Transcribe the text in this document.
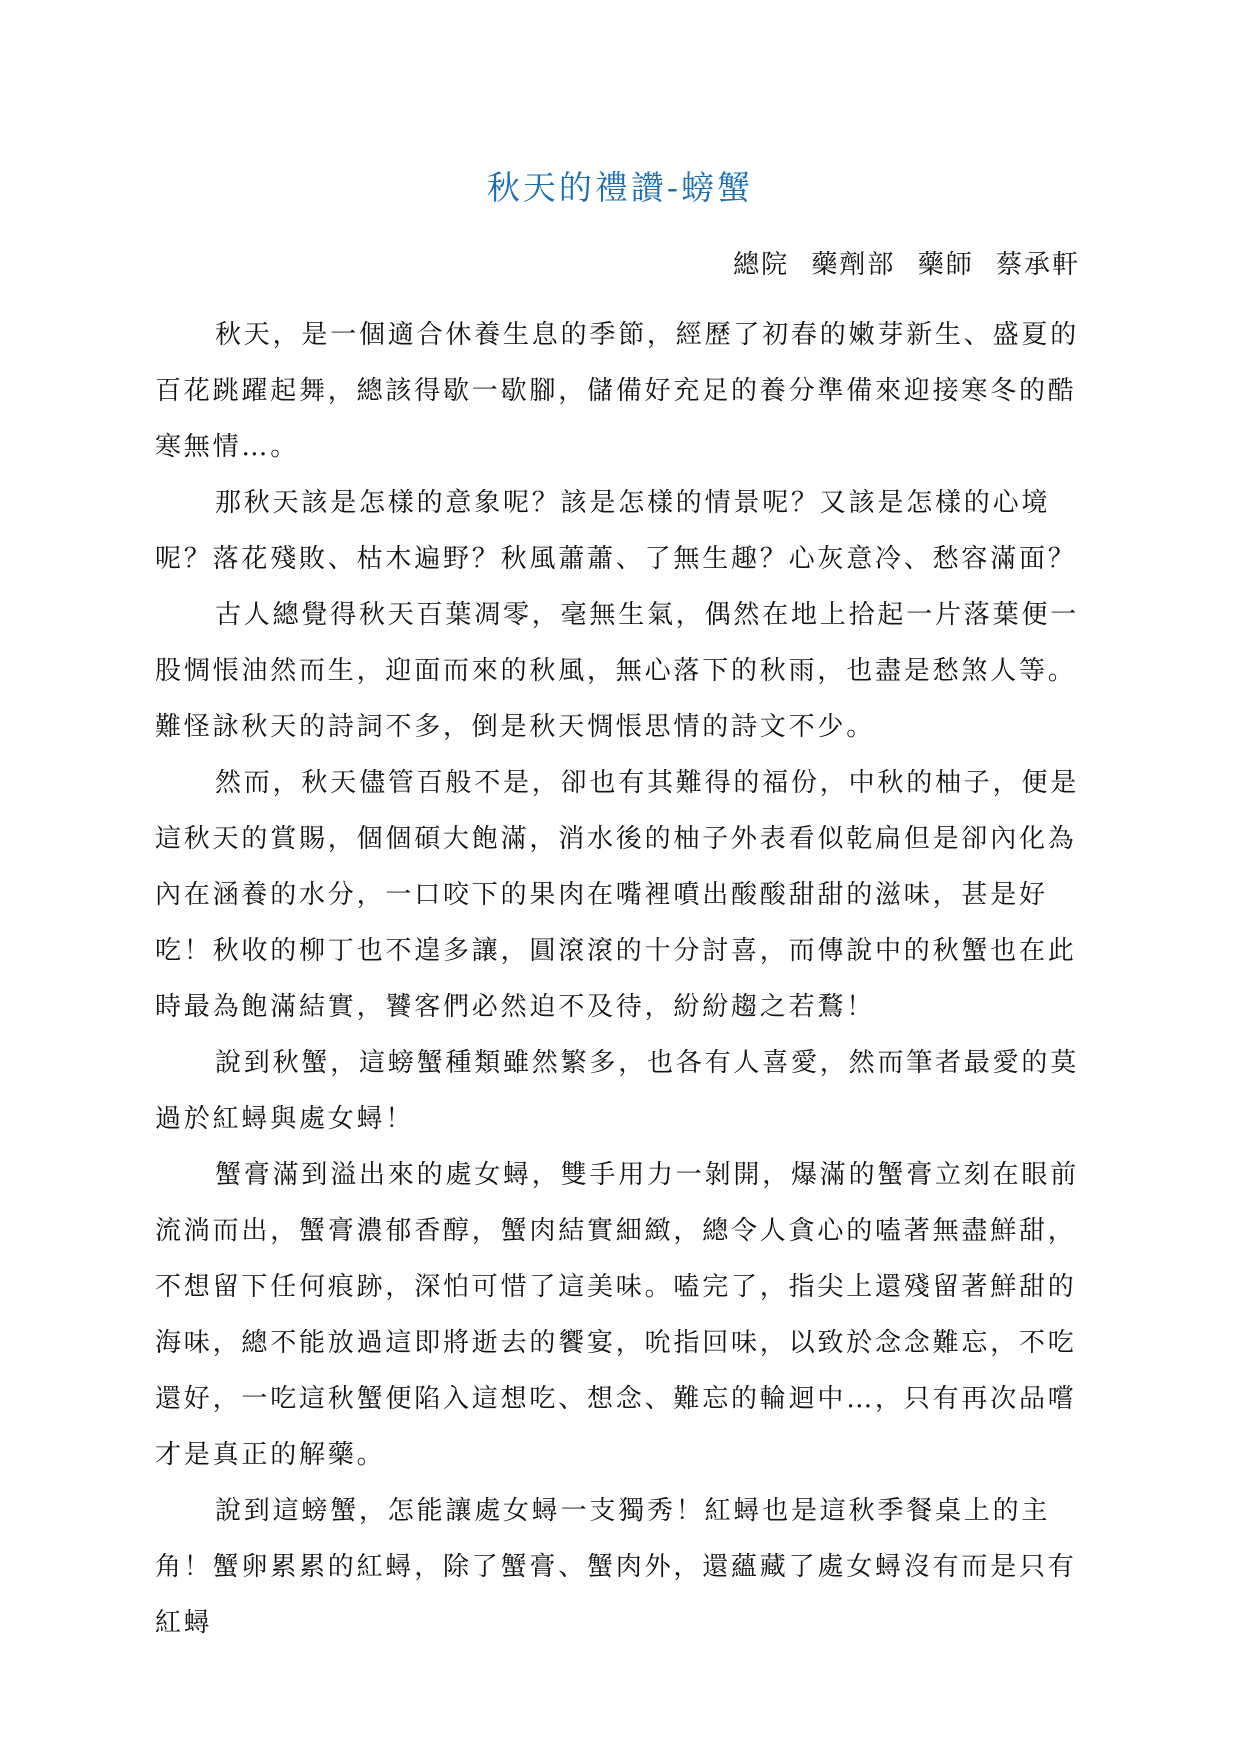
秋天的禮讚-螃蟹
總院 藥劑部 藥師 蔡承軒

秋天，是一個適合休養生息的季節，經歷了初春的嫩芽新生、盛夏的百花跳躍起舞，總該得歇一歇腳，儲備好充足的養分準備來迎接寒冬的酷寒無情…。

那秋天該是怎樣的意象呢？該是怎樣的情景呢？又該是怎樣的心境呢？落花殘敗、枯木遍野？秋風蕭蕭、了無生趣？心灰意冷、愁容滿面？

古人總覺得秋天百葉凋零，毫無生氣，偶然在地上拾起一片落葉便一股惆悵油然而生，迎面而來的秋風，無心落下的秋雨，也盡是愁煞人等。難怪詠秋天的詩詞不多，倒是秋天惆悵思情的詩文不少。

然而，秋天儘管百般不是，卻也有其難得的福份，中秋的柚子，便是這秋天的賞賜，個個碩大飽滿，消水後的柚子外表看似乾扁但是卻內化為內在涵養的水分，一口咬下的果肉在嘴裡噴出酸酸甜甜的滋味，甚是好吃！秋收的柳丁也不遑多讓，圓滾滾的十分討喜，而傳說中的秋蟹也在此時最為飽滿結實，饕客們必然迫不及待，紛紛趨之若鶩！

說到秋蟹，這螃蟹種類雖然繁多，也各有人喜愛，然而筆者最愛的莫過於紅蟳與處女蟳！

蟹膏滿到溢出來的處女蟳，雙手用力一剝開，爆滿的蟹膏立刻在眼前流淌而出，蟹膏濃郁香醇，蟹肉結實細緻，總令人貪心的嗑著無盡鮮甜，不想留下任何痕跡，深怕可惜了這美味。嗑完了，指尖上還殘留著鮮甜的海味，總不能放過這即將逝去的饗宴，吮指回味，以致於念念難忘，不吃還好，一吃這秋蟹便陷入這想吃、想念、難忘的輪迴中…，只有再次品嚐才是真正的解藥。

說到這螃蟹，怎能讓處女蟳一支獨秀！紅蟳也是這秋季餐桌上的主角！蟹卵累累的紅蟳，除了蟹膏、蟹肉外，還蘊藏了處女蟳沒有而是只有紅蟳
